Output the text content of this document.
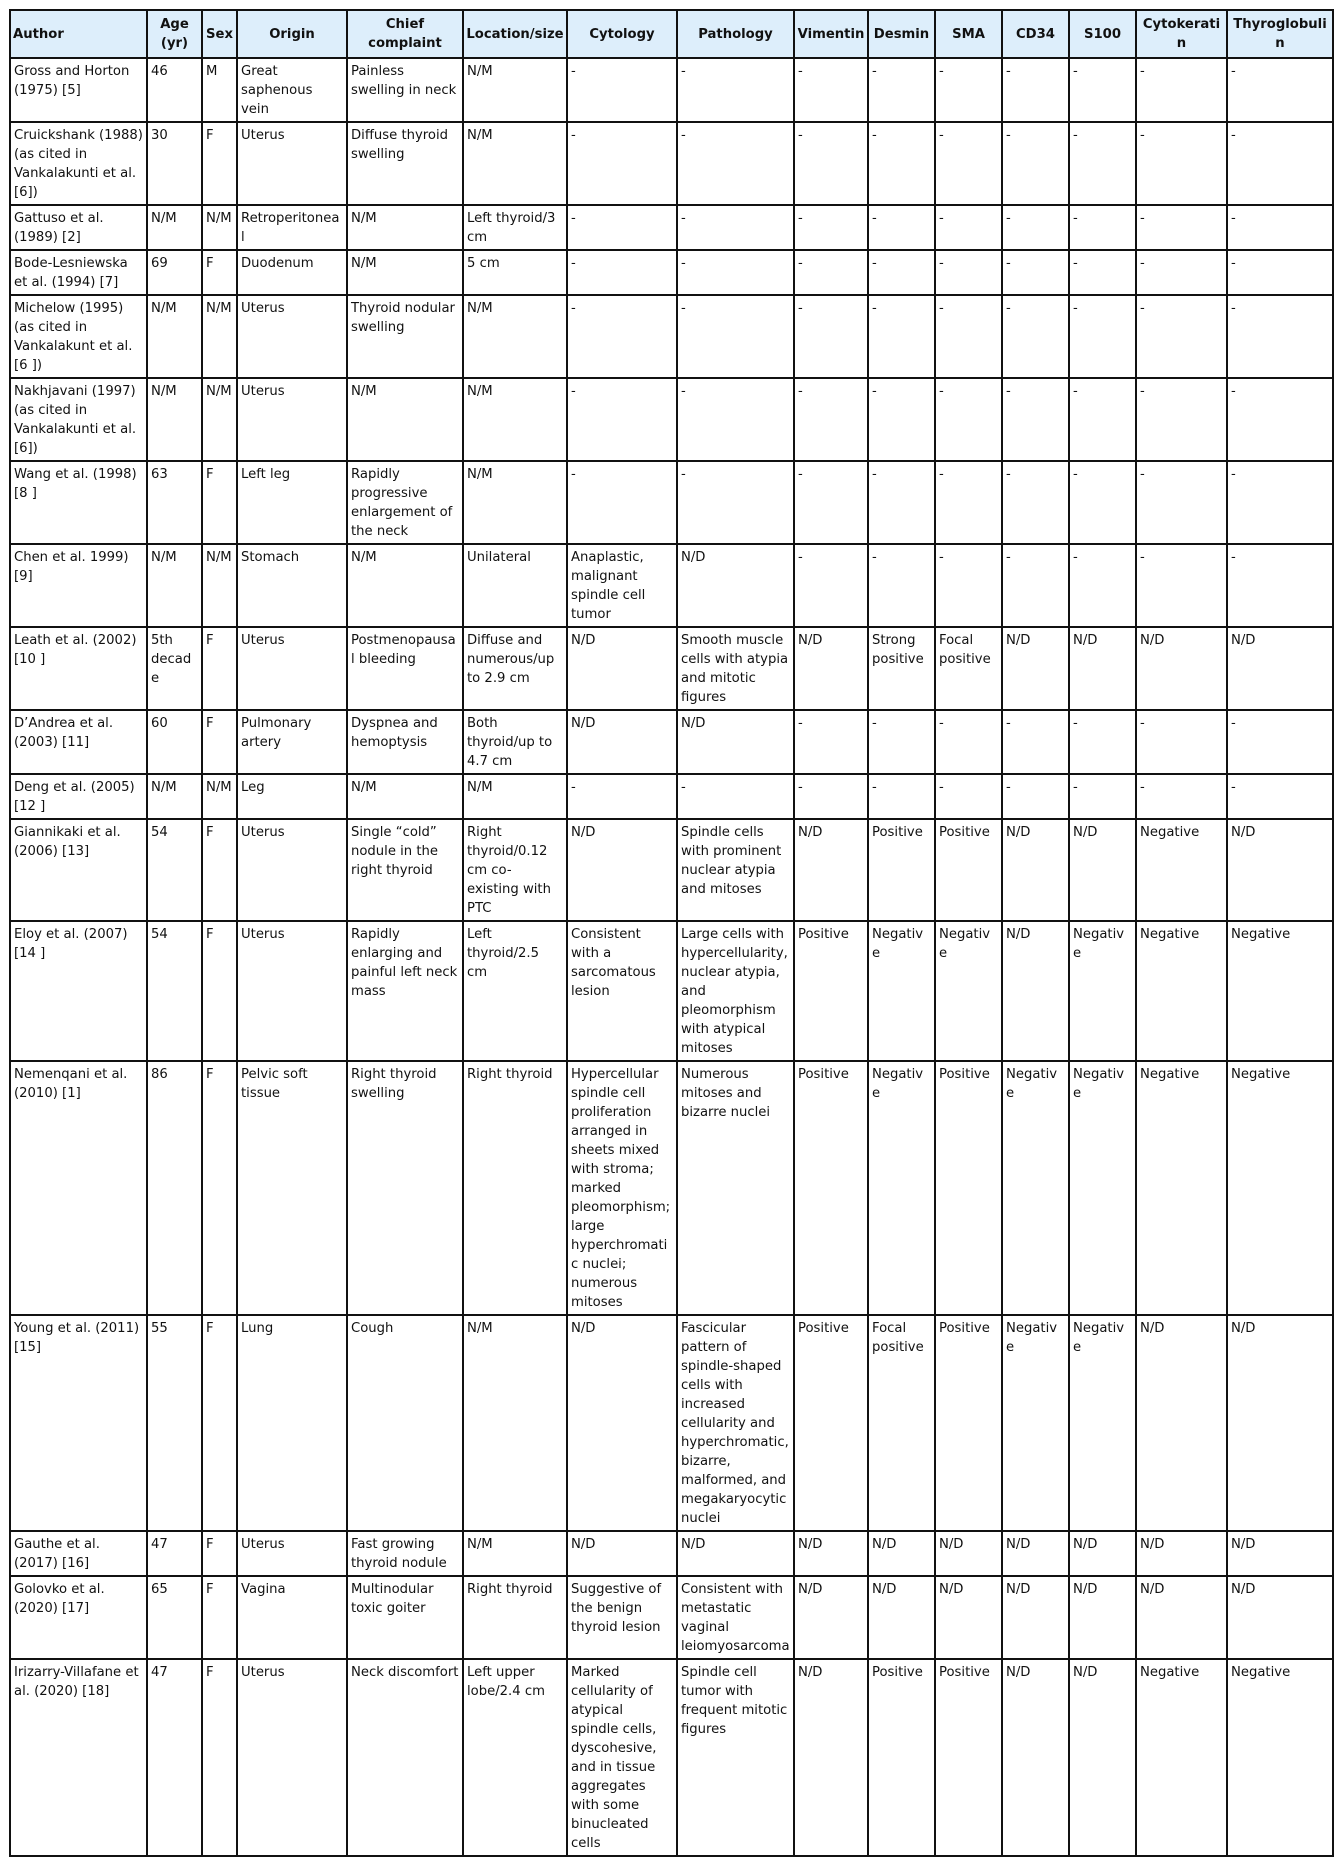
Author	Age (yr)	Sex	Origin	Chief complaint	Location/size	Cytology	Pathology	Vimentin	Desmin	SMA	CD34	S100	Cytokeratin	Thyroglobulin
Gross and Horton (1975) [5]	46	M	Great saphenous vein	Painless swelling in neck	N/M	-	-	-	-	-	-	-	-	-
Cruickshank (1988) (as cited in Vankalakunti et al. [6])	30	F	Uterus	Diffuse thyroid swelling	N/M	-	-	-	-	-	-	-	-	-
Gattuso et al. (1989) [2]	N/M	N/M	Retroperitoneal	N/M	Left thyroid/3 cm	-	-	-	-	-	-	-	-	-
Bode-Lesniewska et al. (1994) [7]	69	F	Duodenum	N/M	5 cm	-	-	-	-	-	-	-	-	-
Michelow (1995) (as cited in Vankalakunt et al. [6 ])	N/M	N/M	Uterus	Thyroid nodular swelling	N/M	-	-	-	-	-	-	-	-	-
Nakhjavani (1997) (as cited in Vankalakunti et al. [6])	N/M	N/M	Uterus	N/M	N/M	-	-	-	-	-	-	-	-	-
Wang et al. (1998) [8 ]	63	F	Left leg	Rapidly progressive enlargement of the neck	N/M	-	-	-	-	-	-	-	-	-
Chen et al. 1999) [9]	N/M	N/M	Stomach	N/M	Unilateral	Anaplastic, malignant spindle cell tumor	N/D	-	-	-	-	-	-	-
Leath et al. (2002) [10 ]	5th decade	F	Uterus	Postmenopausal bleeding	Diffuse and numerous/up to 2.9 cm	N/D	Smooth muscle cells with atypia and mitotic figures	N/D	Strong positive	Focal positive	N/D	N/D	N/D	N/D
D’Andrea et al. (2003) [11]	60	F	Pulmonary artery	Dyspnea and hemoptysis	Both thyroid/up to 4.7 cm	N/D	N/D	-	-	-	-	-	-	-
Deng et al. (2005) [12 ]	N/M	N/M	Leg	N/M	N/M	-	-	-	-	-	-	-	-	-
Giannikaki et al. (2006) [13]	54	F	Uterus	Single “cold” nodule in the right thyroid	Right thyroid/0.12 cm co-existing with PTC	N/D	Spindle cells with prominent nuclear atypia and mitoses	N/D	Positive	Positive	N/D	N/D	Negative	N/D
Eloy et al. (2007) [14 ]	54	F	Uterus	Rapidly enlarging and painful left neck mass	Left thyroid/2.5 cm	Consistent with a sarcomatous lesion	Large cells with hypercellularity, nuclear atypia, and pleomorphism with atypical mitoses	Positive	Negative	Negative	N/D	Negative	Negative	Negative
Nemenqani et al. (2010) [1]	86	F	Pelvic soft tissue	Right thyroid swelling	Right thyroid	Hypercellular spindle cell proliferation arranged in sheets mixed with stroma; marked pleomorphism; large hyperchromatic nuclei; numerous mitoses	Numerous mitoses and bizarre nuclei	Positive	Negative	Positive	Negative	Negative	Negative	Negative
Young et al. (2011) [15]	55	F	Lung	Cough	N/M	N/D	Fascicular pattern of spindle-shaped cells with increased cellularity and hyperchromatic, bizarre, malformed, and megakaryocytic nuclei	Positive	Focal positive	Positive	Negative	Negative	N/D	N/D
Gauthe et al. (2017) [16]	47	F	Uterus	Fast growing thyroid nodule	N/M	N/D	N/D	N/D	N/D	N/D	N/D	N/D	N/D	N/D
Golovko et al. (2020) [17]	65	F	Vagina	Multinodular toxic goiter	Right thyroid	Suggestive of the benign thyroid lesion	Consistent with metastatic vaginal leiomyosarcoma	N/D	N/D	N/D	N/D	N/D	N/D	N/D
Irizarry-Villafane et al. (2020) [18]	47	F	Uterus	Neck discomfort	Left upper lobe/2.4 cm	Marked cellularity of atypical spindle cells, dyscohesive, and in tissue aggregates with some binucleated cells	Spindle cell tumor with frequent mitotic figures	N/D	Positive	Positive	N/D	N/D	Negative	Negative
